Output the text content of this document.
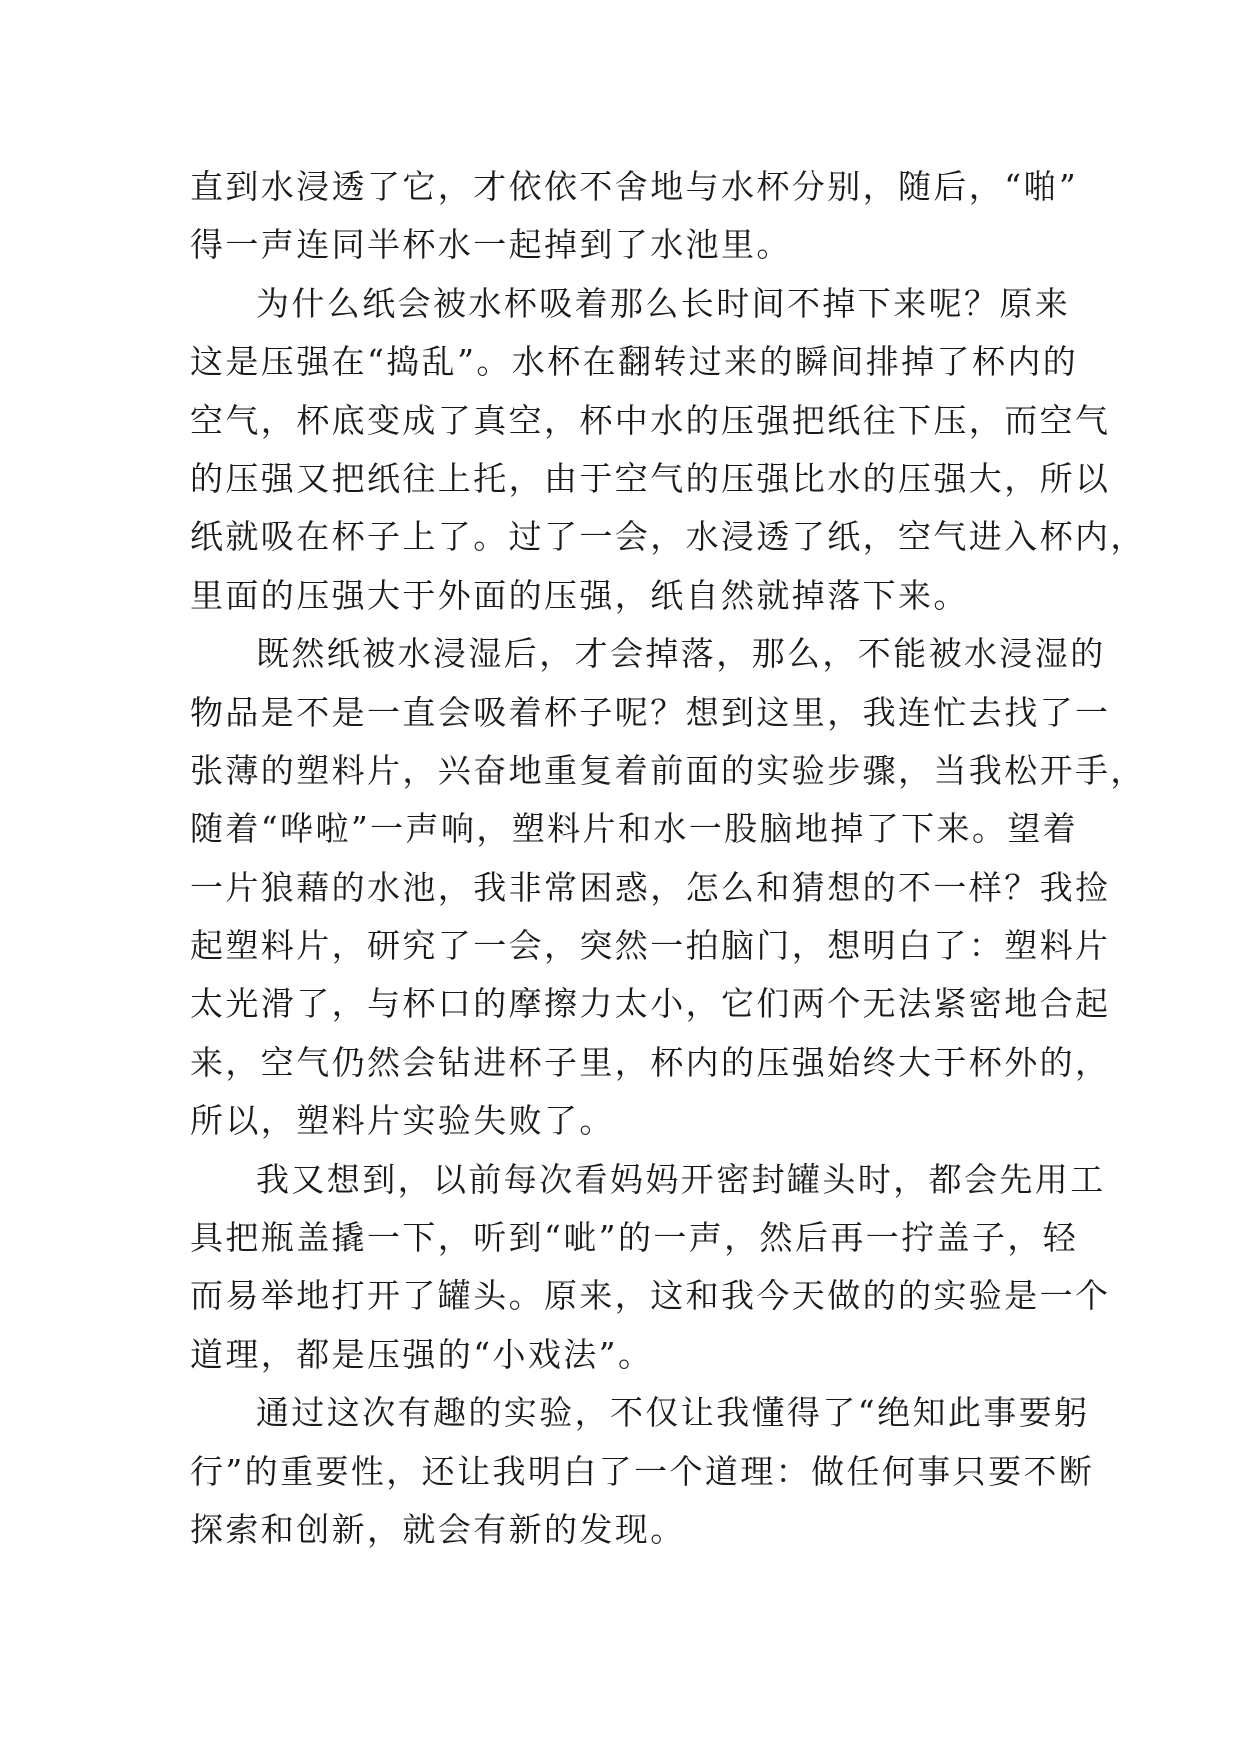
直到水浸透了它，才依依不舍地与水杯分别，随后，“啪”
得一声连同半杯水一起掉到了水池里。
为什么纸会被水杯吸着那么长时间不掉下来呢？原来
这是压强在“捣乱”。水杯在翻转过来的瞬间排掉了杯内的
空气，杯底变成了真空，杯中水的压强把纸往下压，而空气
的压强又把纸往上托，由于空气的压强比水的压强大，所以
纸就吸在杯子上了。过了一会，水浸透了纸，空气进入杯内，
里面的压强大于外面的压强，纸自然就掉落下来。
既然纸被水浸湿后，才会掉落，那么，不能被水浸湿的
物品是不是一直会吸着杯子呢？想到这里，我连忙去找了一
张薄的塑料片，兴奋地重复着前面的实验步骤，当我松开手，
随着“哗啦”一声响，塑料片和水一股脑地掉了下来。望着
一片狼藉的水池，我非常困惑，怎么和猜想的不一样？我捡
起塑料片，研究了一会，突然一拍脑门，想明白了：塑料片
太光滑了，与杯口的摩擦力太小，它们两个无法紧密地合起
来，空气仍然会钻进杯子里，杯内的压强始终大于杯外的，
所以，塑料片实验失败了。
我又想到，以前每次看妈妈开密封罐头时，都会先用工
具把瓶盖撬一下，听到“呲”的一声，然后再一拧盖子，轻
而易举地打开了罐头。原来，这和我今天做的的实验是一个
道理，都是压强的“小戏法”。
通过这次有趣的实验，不仅让我懂得了“绝知此事要躬
行”的重要性，还让我明白了一个道理：做任何事只要不断
探索和创新，就会有新的发现。
